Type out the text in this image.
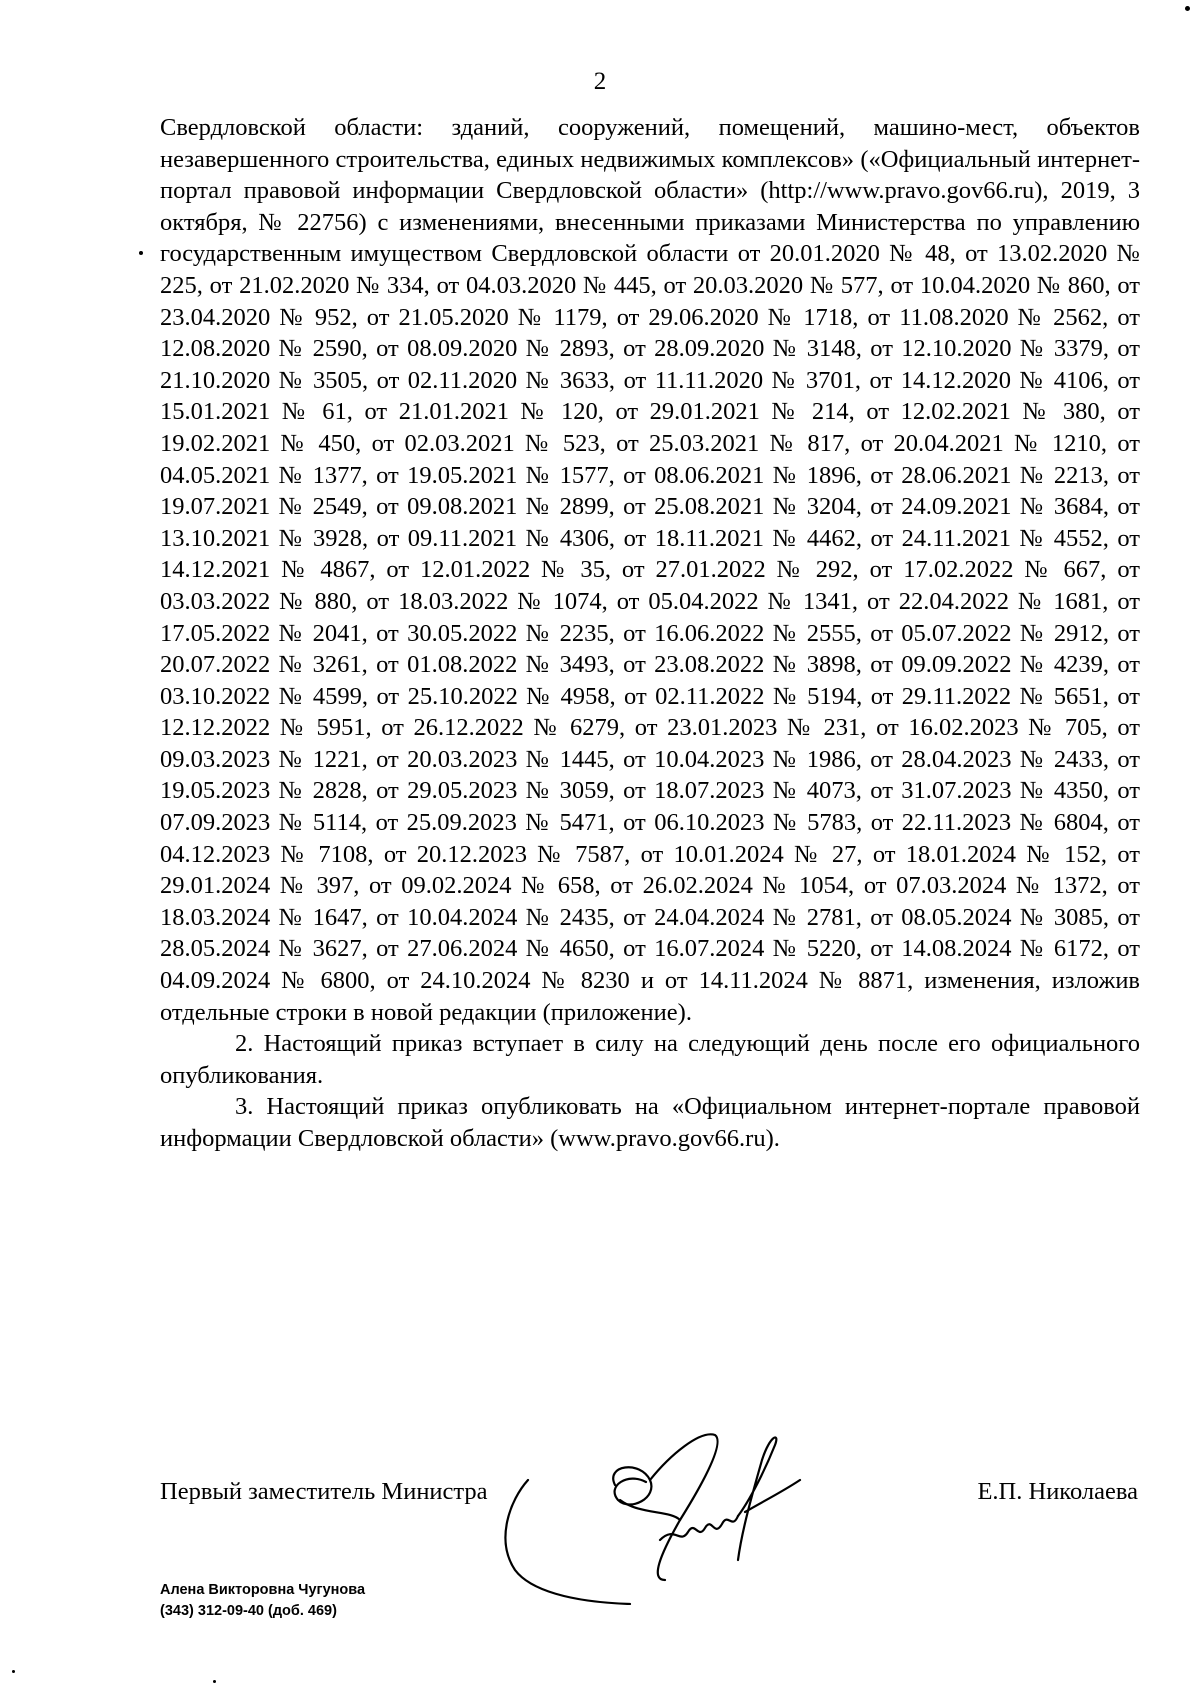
2

Свердловской области: зданий, сооружений, помещений, машино-мест, объектов незавершенного строительства, единых недвижимых комплексов» («Официальный интернет-портал правовой информации Свердловской области» (http://www.pravo.gov66.ru), 2019, 3 октября, № 22756) с изменениями, внесенными приказами Министерства по управлению государственным имуществом Свердловской области от 20.01.2020 № 48, от 13.02.2020 № 225, от 21.02.2020 № 334, от 04.03.2020 № 445, от 20.03.2020 № 577, от 10.04.2020 № 860, от 23.04.2020 № 952, от 21.05.2020 № 1179, от 29.06.2020 № 1718, от 11.08.2020 № 2562, от 12.08.2020 № 2590, от 08.09.2020 № 2893, от 28.09.2020 № 3148, от 12.10.2020 № 3379, от 21.10.2020 № 3505, от 02.11.2020 № 3633, от 11.11.2020 № 3701, от 14.12.2020 № 4106, от 15.01.2021 № 61, от 21.01.2021 № 120, от 29.01.2021 № 214, от 12.02.2021 № 380, от 19.02.2021 № 450, от 02.03.2021 № 523, от 25.03.2021 № 817, от 20.04.2021 № 1210, от 04.05.2021 № 1377, от 19.05.2021 № 1577, от 08.06.2021 № 1896, от 28.06.2021 № 2213, от 19.07.2021 № 2549, от 09.08.2021 № 2899, от 25.08.2021 № 3204, от 24.09.2021 № 3684, от 13.10.2021 № 3928, от 09.11.2021 № 4306, от 18.11.2021 № 4462, от 24.11.2021 № 4552, от 14.12.2021 № 4867, от 12.01.2022 № 35, от 27.01.2022 № 292, от 17.02.2022 № 667, от 03.03.2022 № 880, от 18.03.2022 № 1074, от 05.04.2022 № 1341, от 22.04.2022 № 1681, от 17.05.2022 № 2041, от 30.05.2022 № 2235, от 16.06.2022 № 2555, от 05.07.2022 № 2912, от 20.07.2022 № 3261, от 01.08.2022 № 3493, от 23.08.2022 № 3898, от 09.09.2022 № 4239, от 03.10.2022 № 4599, от 25.10.2022 № 4958, от 02.11.2022 № 5194, от 29.11.2022 № 5651, от 12.12.2022 № 5951, от 26.12.2022 № 6279, от 23.01.2023 № 231, от 16.02.2023 № 705, от 09.03.2023 № 1221, от 20.03.2023 № 1445, от 10.04.2023 № 1986, от 28.04.2023 № 2433, от 19.05.2023 № 2828, от 29.05.2023 № 3059, от 18.07.2023 № 4073, от 31.07.2023 № 4350, от 07.09.2023 № 5114, от 25.09.2023 № 5471, от 06.10.2023 № 5783, от 22.11.2023 № 6804, от 04.12.2023 № 7108, от 20.12.2023 № 7587, от 10.01.2024 № 27, от 18.01.2024 № 152, от 29.01.2024 № 397, от 09.02.2024 № 658, от 26.02.2024 № 1054, от 07.03.2024 № 1372, от 18.03.2024 № 1647, от 10.04.2024 № 2435, от 24.04.2024 № 2781, от 08.05.2024 № 3085, от 28.05.2024 № 3627, от 27.06.2024 № 4650, от 16.07.2024 № 5220, от 14.08.2024 № 6172, от 04.09.2024 № 6800, от 24.10.2024 № 8230 и от 14.11.2024 № 8871, изменения, изложив отдельные строки в новой редакции (приложение).

2. Настоящий приказ вступает в силу на следующий день после его официального опубликования.

3. Настоящий приказ опубликовать на «Официальном интернет-портале правовой информации Свердловской области» (www.pravo.gov66.ru).

Первый заместитель Министра	Е.П. Николаева
Алена Викторовна Чугунова
(343) 312-09-40 (доб. 469)
